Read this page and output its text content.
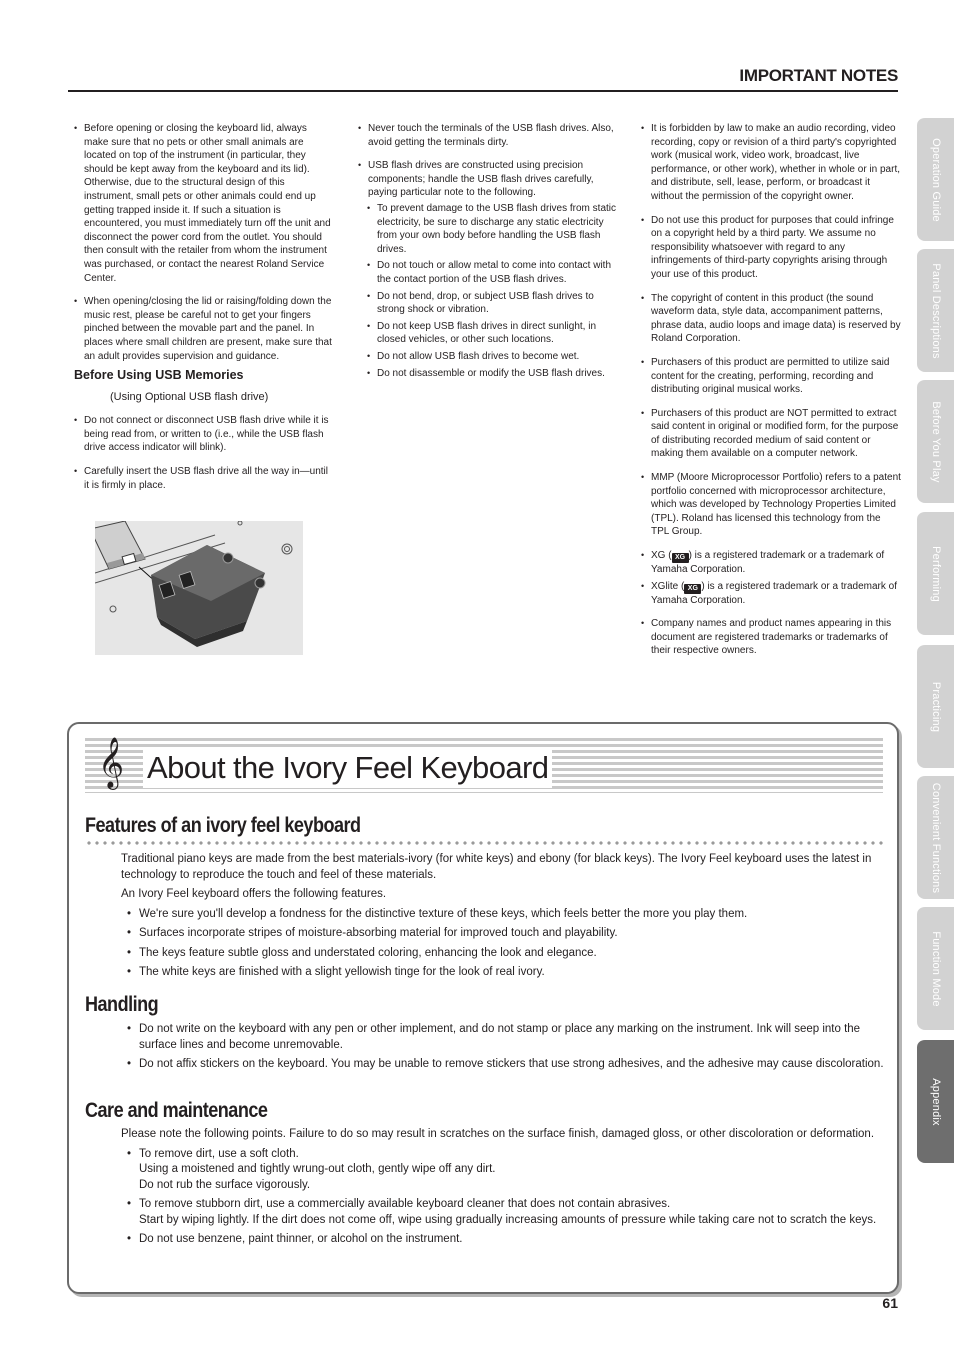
IMPORTANT NOTES
• Before opening or closing the keyboard lid, always make sure that no pets or other small animals are located on top of the instrument (in particular, they should be kept away from the keyboard and its lid). Otherwise, due to the structural design of this instrument, small pets or other animals could end up getting trapped inside it. If such a situation is encountered, you must immediately turn off the unit and disconnect the power cord from the outlet. You should then consult with the retailer from whom the instrument was purchased, or contact the nearest Roland Service Center.
• When opening/closing the lid or raising/folding down the music rest, please be careful not to get your fingers pinched between the movable part and the panel. In places where small children are present, make sure that an adult provides supervision and guidance.
Before Using USB Memories
(Using Optional USB flash drive)
• Do not connect or disconnect USB flash drive while it is being read from, or written to (i.e., while the USB flash drive access indicator will blink).
• Carefully insert the USB flash drive all the way in—until it is firmly in place.
• Never touch the terminals of the USB flash drives. Also, avoid getting the terminals dirty.
• USB flash drives are constructed using precision components; handle the USB flash drives carefully, paying particular note to the following.
• To prevent damage to the USB flash drives from static electricity, be sure to discharge any static electricity from your own body before handling the USB flash drives.
• Do not touch or allow metal to come into contact with the contact portion of the USB flash drives.
• Do not bend, drop, or subject USB flash drives to strong shock or vibration.
• Do not keep USB flash drives in direct sunlight, in closed vehicles, or other such locations.
• Do not allow USB flash drives to become wet.
• Do not disassemble or modify the USB flash drives.
• It is forbidden by law to make an audio recording, video recording, copy or revision of a third party's copyrighted work (musical work, video work, broadcast, live performance, or other work), whether in whole or in part, and distribute, sell, lease, perform, or broadcast it without the permission of the copyright owner.
• Do not use this product for purposes that could infringe on a copyright held by a third party. We assume no responsibility whatsoever with regard to any infringements of third-party copyrights arising through your use of this product.
• The copyright of content in this product (the sound waveform data, style data, accompaniment patterns, phrase data, audio loops and image data) is reserved by Roland Corporation.
• Purchasers of this product are permitted to utilize said content for the creating, performing, recording and distributing original musical works.
• Purchasers of this product are NOT permitted to extract said content in original or modified form, for the purpose of distributing recorded medium of said content or making them available on a computer network.
• MMP (Moore Microprocessor Portfolio) refers to a patent portfolio concerned with microprocessor architecture, which was developed by Technology Properties Limited (TPL). Roland has licensed this technology from the TPL Group.
• XG ( XG ) is a registered trademark or a trademark of Yamaha Corporation.
• XGlite ( XG ) is a registered trademark or a trademark of Yamaha Corporation.
• Company names and product names appearing in this document are registered trademarks or trademarks of their respective owners.
Operation Guide
Panel Descriptions
Before You Play
Performing
Practicing
Convenient Functions
Function Mode
Appendix
𝄞 About the Ivory Feel Keyboard
Features of an ivory feel keyboard

Traditional piano keys are made from the best materials-ivory (for white keys) and ebony (for black keys). The Ivory Feel keyboard uses the latest in technology to reproduce the touch and feel of these materials.

An Ivory Feel keyboard offers the following features.

• We're sure you'll develop a fondness for the distinctive texture of these keys, which feels better the more you play them.
• Surfaces incorporate stripes of moisture-absorbing material for improved touch and playability.
• The keys feature subtle gloss and understated coloring, enhancing the look and elegance.
• The white keys are finished with a slight yellowish tinge for the look of real ivory.
Handling
• Do not write on the keyboard with any pen or other implement, and do not stamp or place any marking on the instrument. Ink will seep into the surface lines and become unremovable.
• Do not affix stickers on the keyboard. You may be unable to remove stickers that use strong adhesives, and the adhesive may cause discoloration.
Care and maintenance

Please note the following points. Failure to do so may result in scratches on the surface finish, damaged gloss, or other discoloration or deformation.

• To remove dirt, use a soft cloth.
Using a moistened and tightly wrung-out cloth, gently wipe off any dirt.
Do not rub the surface vigorously.
• To remove stubborn dirt, use a commercially available keyboard cleaner that does not contain abrasives.
Start by wiping lightly. If the dirt does not come off, wipe using gradually increasing amounts of pressure while taking care not to scratch the keys.
• Do not use benzene, paint thinner, or alcohol on the instrument.
61
